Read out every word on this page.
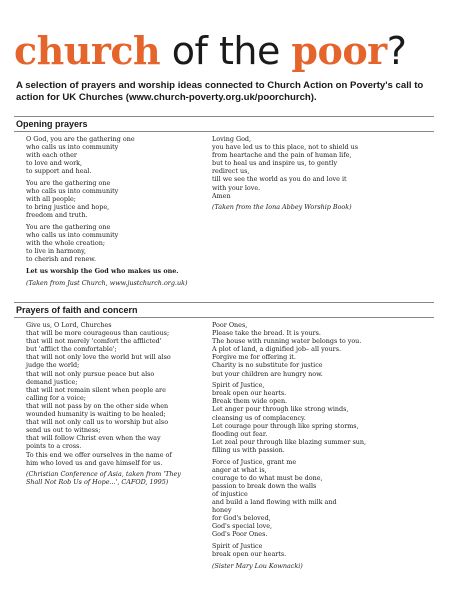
church of the poor?
A selection of prayers and worship ideas connected to Church Action on Poverty's call to action for UK Churches (www.church-poverty.org.uk/poorchurch).
Opening prayers

O God, you are the gathering one
who calls us into community
with each other
to love and work,
to support and heal.

You are the gathering one
who calls us into community
with all people;
to bring justice and hope,
freedom and truth.

You are the gathering one
who calls us into community
with the whole creation;
to live in harmony,
to cherish and renew.

Let us worship the God who makes us one.

(Taken from Just Church, www.justchurch.org.uk)

Loving God,
you have led us to this place, not to shield us
from heartache and the pain of human life,
but to heal us and inspire us, to gently
redirect us,
till we see the world as you do and love it
with your love.
Amen

(Taken from the Iona Abbey Worship Book)

Prayers of faith and concern

Give us, O Lord, Churches
that will be more courageous than cautious;
that will not merely 'comfort the afflicted'
but 'afflict the comfortable';
that will not only love the world but will also
judge the world;
that will not only pursue peace but also
demand justice;
that will not remain silent when people are
calling for a voice;
that will not pass by on the other side when
wounded humanity is waiting to be healed;
that will not only call us to worship but also
send us out to witness;
that will follow Christ even when the way
points to a cross.
To this end we offer ourselves in the name of
him who loved us and gave himself for us.

(Christian Conference of Asia, taken from 'They
Shall Not Rob Us of Hope...', CAFOD, 1995)

Poor Ones,
Please take the bread. It is yours.
The house with running water belongs to you.
A plot of land, a dignified job– all yours.
Forgive me for offering it.
Charity is no substitute for justice
but your children are hungry now.

Spirit of Justice,
break open our hearts.
Break them wide open.
Let anger pour through like strong winds,
cleansing us of complacency.
Let courage pour through like spring storms,
flooding out fear.
Let zeal pour through like blazing summer sun,
filling us with passion.

Force of Justice, grant me
anger at what is,
courage to do what must be done,
passion to break down the walls
of injustice
and build a land flowing with milk and
honey
for God's beloved,
God's special love,
God's Poor Ones.

Spirit of Justice
break open our hearts.

(Sister Mary Lou Kownacki)
